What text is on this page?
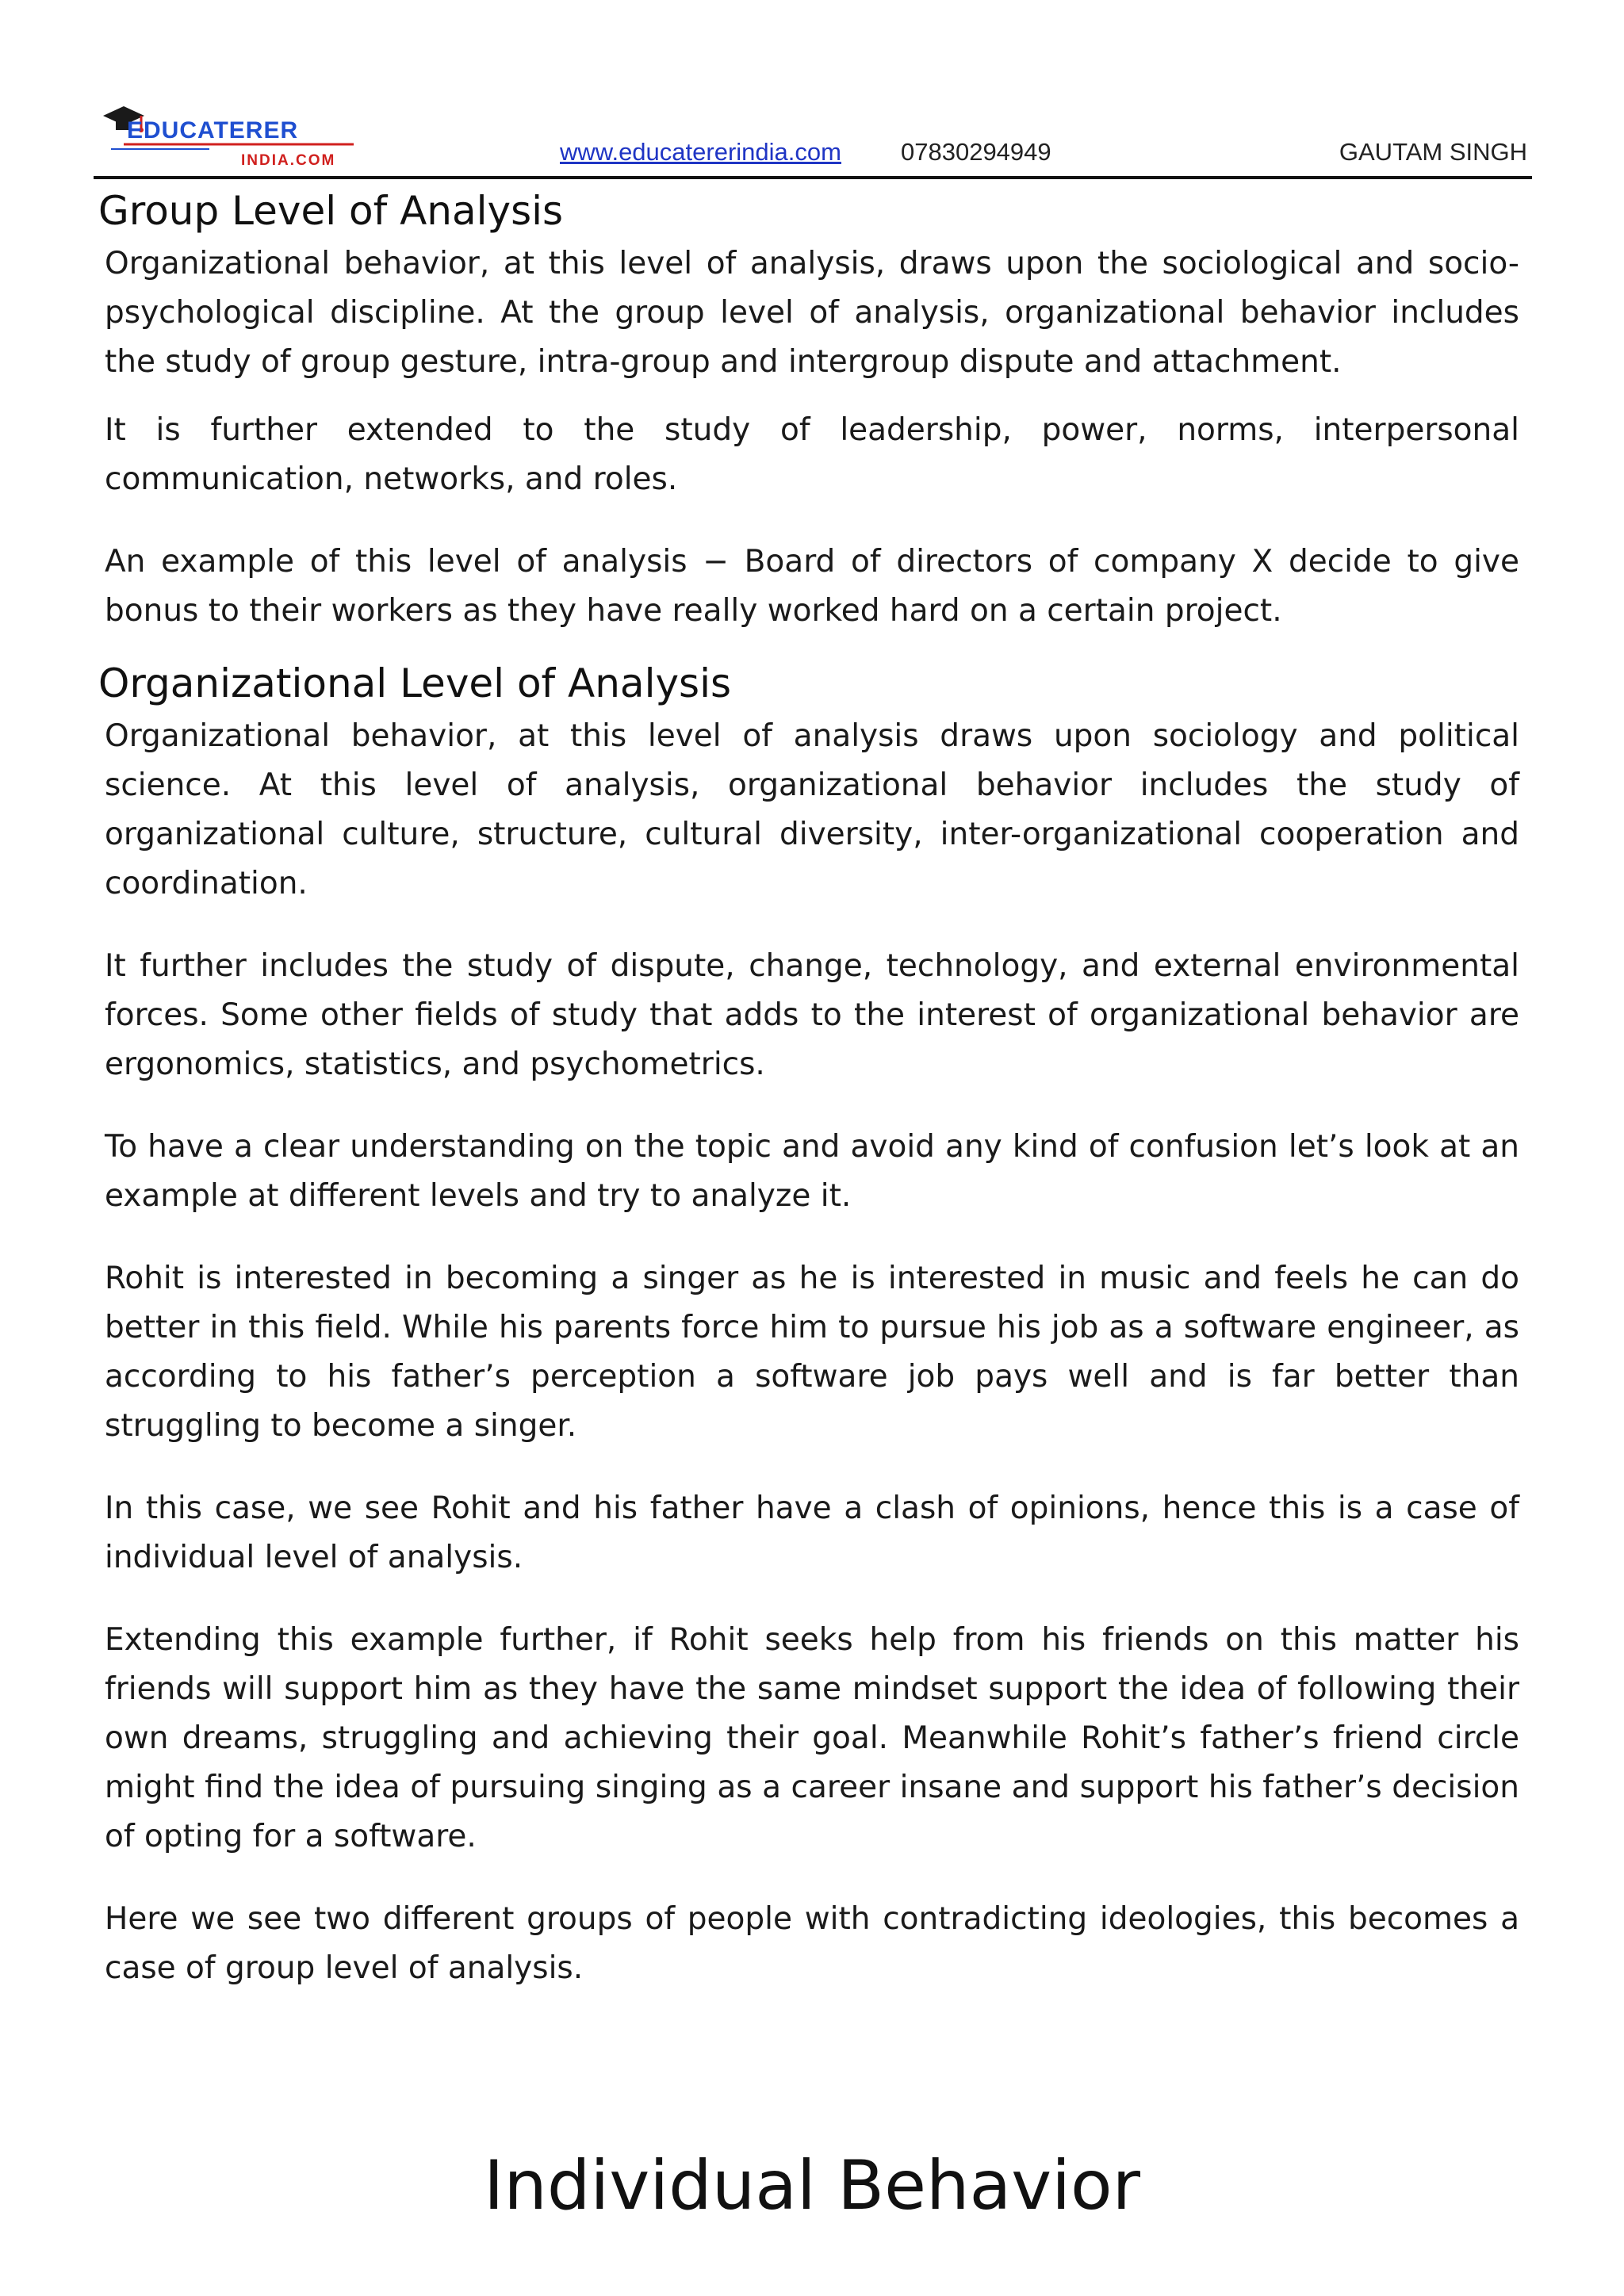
EDUCATERER
INDIA.COM	www.educatererindia.com 07830294949	GAUTAM SINGH
Group Level of Analysis

Organizational behavior, at this level of analysis, draws upon the sociological and socio-psychological discipline. At the group level of analysis, organizational behavior includes the study of group gesture, intra-group and intergroup dispute and attachment.

It is further extended to the study of leadership, power, norms, interpersonal communication, networks, and roles.

An example of this level of analysis − Board of directors of company X decide to give bonus to their workers as they have really worked hard on a certain project.

Organizational Level of Analysis

Organizational behavior, at this level of analysis draws upon sociology and political science. At this level of analysis, organizational behavior includes the study of organizational culture, structure, cultural diversity, inter-organizational cooperation and coordination.

It further includes the study of dispute, change, technology, and external environmental forces. Some other fields of study that adds to the interest of organizational behavior are ergonomics, statistics, and psychometrics.

To have a clear understanding on the topic and avoid any kind of confusion let’s look at an example at different levels and try to analyze it.

Rohit is interested in becoming a singer as he is interested in music and feels he can do better in this field. While his parents force him to pursue his job as a software engineer, as according to his father’s perception a software job pays well and is far better than struggling to become a singer.

In this case, we see Rohit and his father have a clash of opinions, hence this is a case of individual level of analysis.

Extending this example further, if Rohit seeks help from his friends on this matter his friends will support him as they have the same mindset support the idea of following their own dreams, struggling and achieving their goal. Meanwhile Rohit’s father’s friend circle might find the idea of pursuing singing as a career insane and support his father’s decision of opting for a software.

Here we see two different groups of people with contradicting ideologies, this becomes a case of group level of analysis.

Individual Behavior
